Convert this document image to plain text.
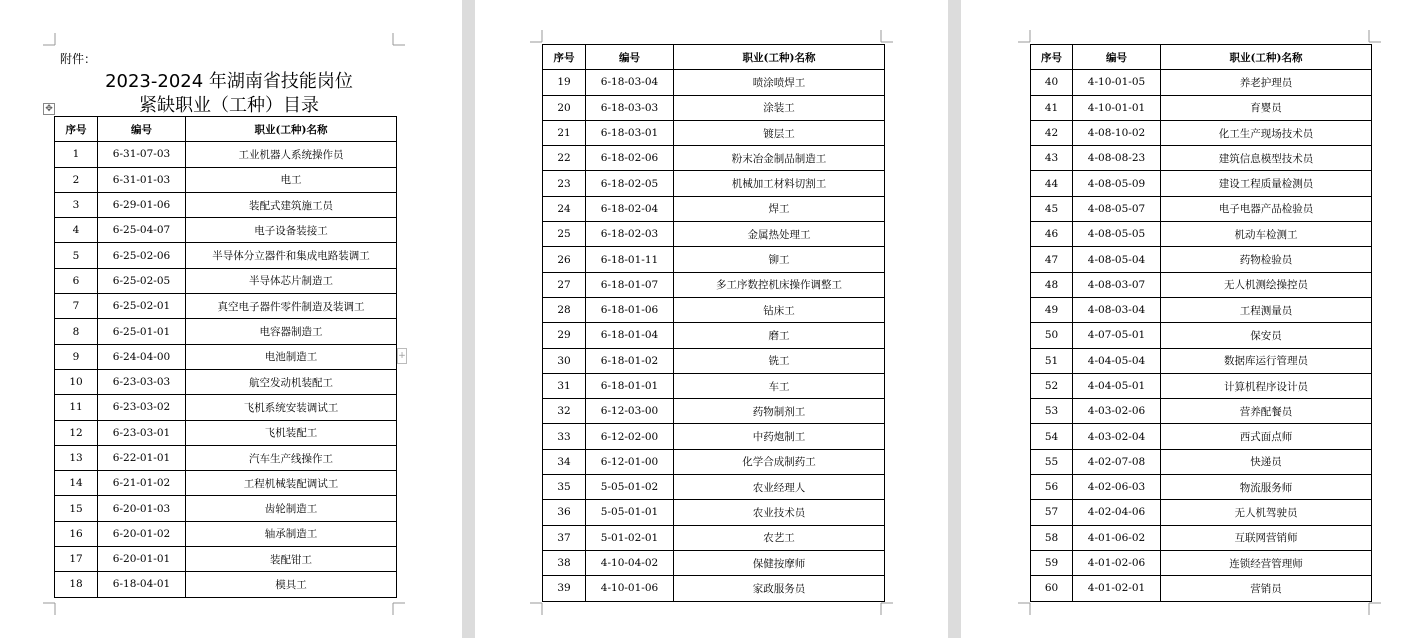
附件：
2023-2024 年湖南省技能岗位
紧缺职业（工种）目录
✥
+
序号	编号	职业(工种)名称
1	6-31-07-03	工业机器人系统操作员
2	6-31-01-03	电工
3	6-29-01-06	装配式建筑施工员
4	6-25-04-07	电子设备装接工
5	6-25-02-06	半导体分立器件和集成电路装调工
6	6-25-02-05	半导体芯片制造工
7	6-25-02-01	真空电子器件零件制造及装调工
8	6-25-01-01	电容器制造工
9	6-24-04-00	电池制造工
10	6-23-03-03	航空发动机装配工
11	6-23-03-02	飞机系统安装调试工
12	6-23-03-01	飞机装配工
13	6-22-01-01	汽车生产线操作工
14	6-21-01-02	工程机械装配调试工
15	6-20-01-03	齿轮制造工
16	6-20-01-02	轴承制造工
17	6-20-01-01	装配钳工
18	6-18-04-01	模具工
序号	编号	职业(工种)名称
19	6-18-03-04	喷涂喷焊工
20	6-18-03-03	涂装工
21	6-18-03-01	镀层工
22	6-18-02-06	粉末冶金制品制造工
23	6-18-02-05	机械加工材料切割工
24	6-18-02-04	焊工
25	6-18-02-03	金属热处理工
26	6-18-01-11	铆工
27	6-18-01-07	多工序数控机床操作调整工
28	6-18-01-06	钻床工
29	6-18-01-04	磨工
30	6-18-01-02	铣工
31	6-18-01-01	车工
32	6-12-03-00	药物制剂工
33	6-12-02-00	中药炮制工
34	6-12-01-00	化学合成制药工
35	5-05-01-02	农业经理人
36	5-05-01-01	农业技术员
37	5-01-02-01	农艺工
38	4-10-04-02	保健按摩师
39	4-10-01-06	家政服务员
序号	编号	职业(工种)名称
40	4-10-01-05	养老护理员
41	4-10-01-01	育婴员
42	4-08-10-02	化工生产现场技术员
43	4-08-08-23	建筑信息模型技术员
44	4-08-05-09	建设工程质量检测员
45	4-08-05-07	电子电器产品检验员
46	4-08-05-05	机动车检测工
47	4-08-05-04	药物检验员
48	4-08-03-07	无人机测绘操控员
49	4-08-03-04	工程测量员
50	4-07-05-01	保安员
51	4-04-05-04	数据库运行管理员
52	4-04-05-01	计算机程序设计员
53	4-03-02-06	营养配餐员
54	4-03-02-04	西式面点师
55	4-02-07-08	快递员
56	4-02-06-03	物流服务师
57	4-02-04-06	无人机驾驶员
58	4-01-06-02	互联网营销师
59	4-01-02-06	连锁经营管理师
60	4-01-02-01	营销员
